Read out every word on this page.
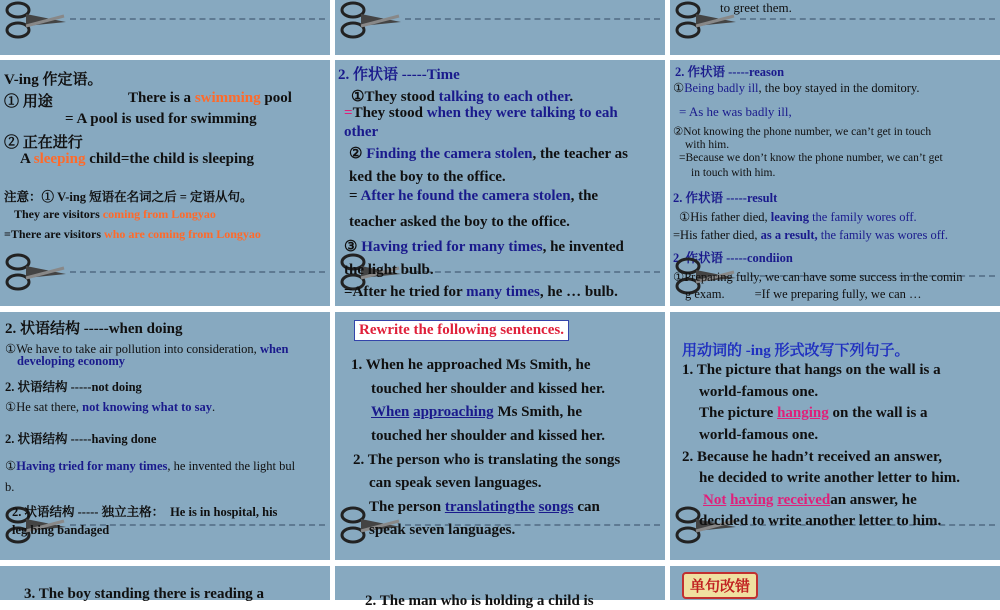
to greet them.
V-ing 作定语。
① 用途	There is a swimming pool
= A pool is used for swimming
② 正在进行
A sleeping child=the child is sleeping
注意：① V-ing 短语在名词之后 = 定语从句。
They are visitors coming from Longyao
=There are visitors who are coming from Longyao
2. 作状语 -----Time
①They stood talking to each other.
=They stood when they were talking to eah
other
② Finding the camera stolen, the teacher as
ked the boy to the office.
= After he found the camera stolen, the
teacher asked the boy to the office.
③ Having tried for many times, he invented
the light bulb.
=After he tried for many times, he … bulb.
2. 作状语 -----reason
①Being badly ill, the boy stayed in the domitory.
= As he was badly ill,
②Not knowing the phone number, we can’t get in touch
with him.
=Because we don’t know the phone number, we can’t get
in touch with him.
2. 作状语 -----result
①His father died, leaving the family wores off.
=His father died, as a result, the family was wores off.
2. 作状语 -----condiion
①Preparing fully, we can have some success in the comin
g exam. =If we preparing fully, we can …
2. 状语结构 -----when doing
①We have to take air pollution into consideration, when
developing economy
2. 状语结构 -----not doing
①He sat there, not knowing what to say.
2. 状语结构 -----having done
①Having tried for many times, he invented the light bul
b.
2. 状语结构 ----- 独立主格： He is in hospital, his
leg bing bandaged
Rewrite the following sentences.
1. When he approached Ms Smith, he
touched her shoulder and kissed her.
When approaching Ms Smith, he
touched her shoulder and kissed her.
2. The person who is translating the songs
can speak seven languages.
The person translatingthe songs can
speak seven languages.
用动词的 -ing 形式改写下列句子。
1. The picture that hangs on the wall is a
world-famous one.
The picture hanging on the wall is a
world-famous one.
2. Because he hadn’t received an answer,
he decided to write another letter to him.
Not having receivedan answer, he
decided to write another letter to him.
3. The boy standing there is reading a	2. The man who is holding a child is
单句改错
